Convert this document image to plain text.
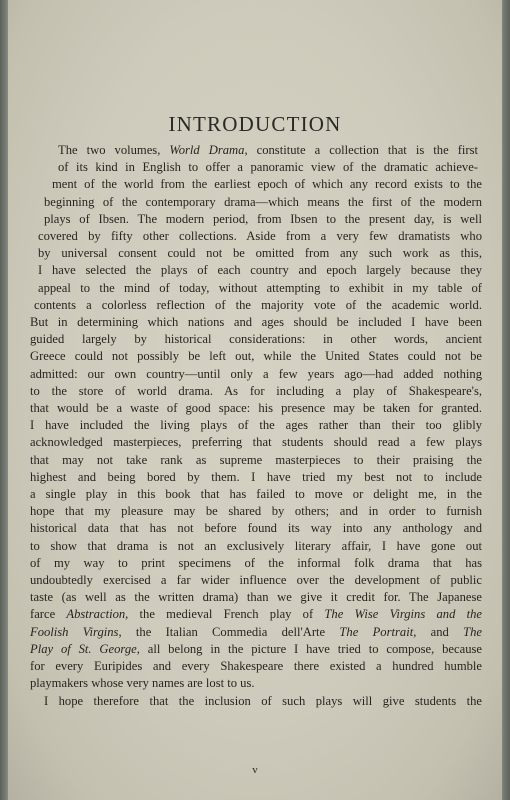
INTRODUCTION
The two volumes, World Drama, constitute a collection that is the first
of its kind in English to offer a panoramic view of the dramatic achieve-
ment of the world from the earliest epoch of which any record exists to the
beginning of the contemporary drama—which means the first of the modern
plays of Ibsen. The modern period, from Ibsen to the present day, is well
covered by fifty other collections. Aside from a very few dramatists who
by universal consent could not be omitted from any such work as this,
I have selected the plays of each country and epoch largely because they
appeal to the mind of today, without attempting to exhibit in my table of
contents a colorless reflection of the majority vote of the academic world.
But in determining which nations and ages should be included I have been
guided largely by historical considerations: in other words, ancient
Greece could not possibly be left out, while the United States could not be
admitted: our own country—until only a few years ago—had added nothing
to the store of world drama. As for including a play of Shakespeare's,
that would be a waste of good space: his presence may be taken for granted.
I have included the living plays of the ages rather than their too glibly
acknowledged masterpieces, preferring that students should read a few plays
that may not take rank as supreme masterpieces to their praising the
highest and being bored by them. I have tried my best not to include
a single play in this book that has failed to move or delight me, in the
hope that my pleasure may be shared by others; and in order to furnish
historical data that has not before found its way into any anthology and
to show that drama is not an exclusively literary affair, I have gone out
of my way to print specimens of the informal folk drama that has
undoubtedly exercised a far wider influence over the development of public
taste (as well as the written drama) than we give it credit for. The Japanese
farce Abstraction, the medieval French play of The Wise Virgins and the
Foolish Virgins, the Italian Commedia dell'Arte The Portrait, and The
Play of St. George, all belong in the picture I have tried to compose, because
for every Euripides and every Shakespeare there existed a hundred humble
playmakers whose very names are lost to us.
I hope therefore that the inclusion of such plays will give students the
v
